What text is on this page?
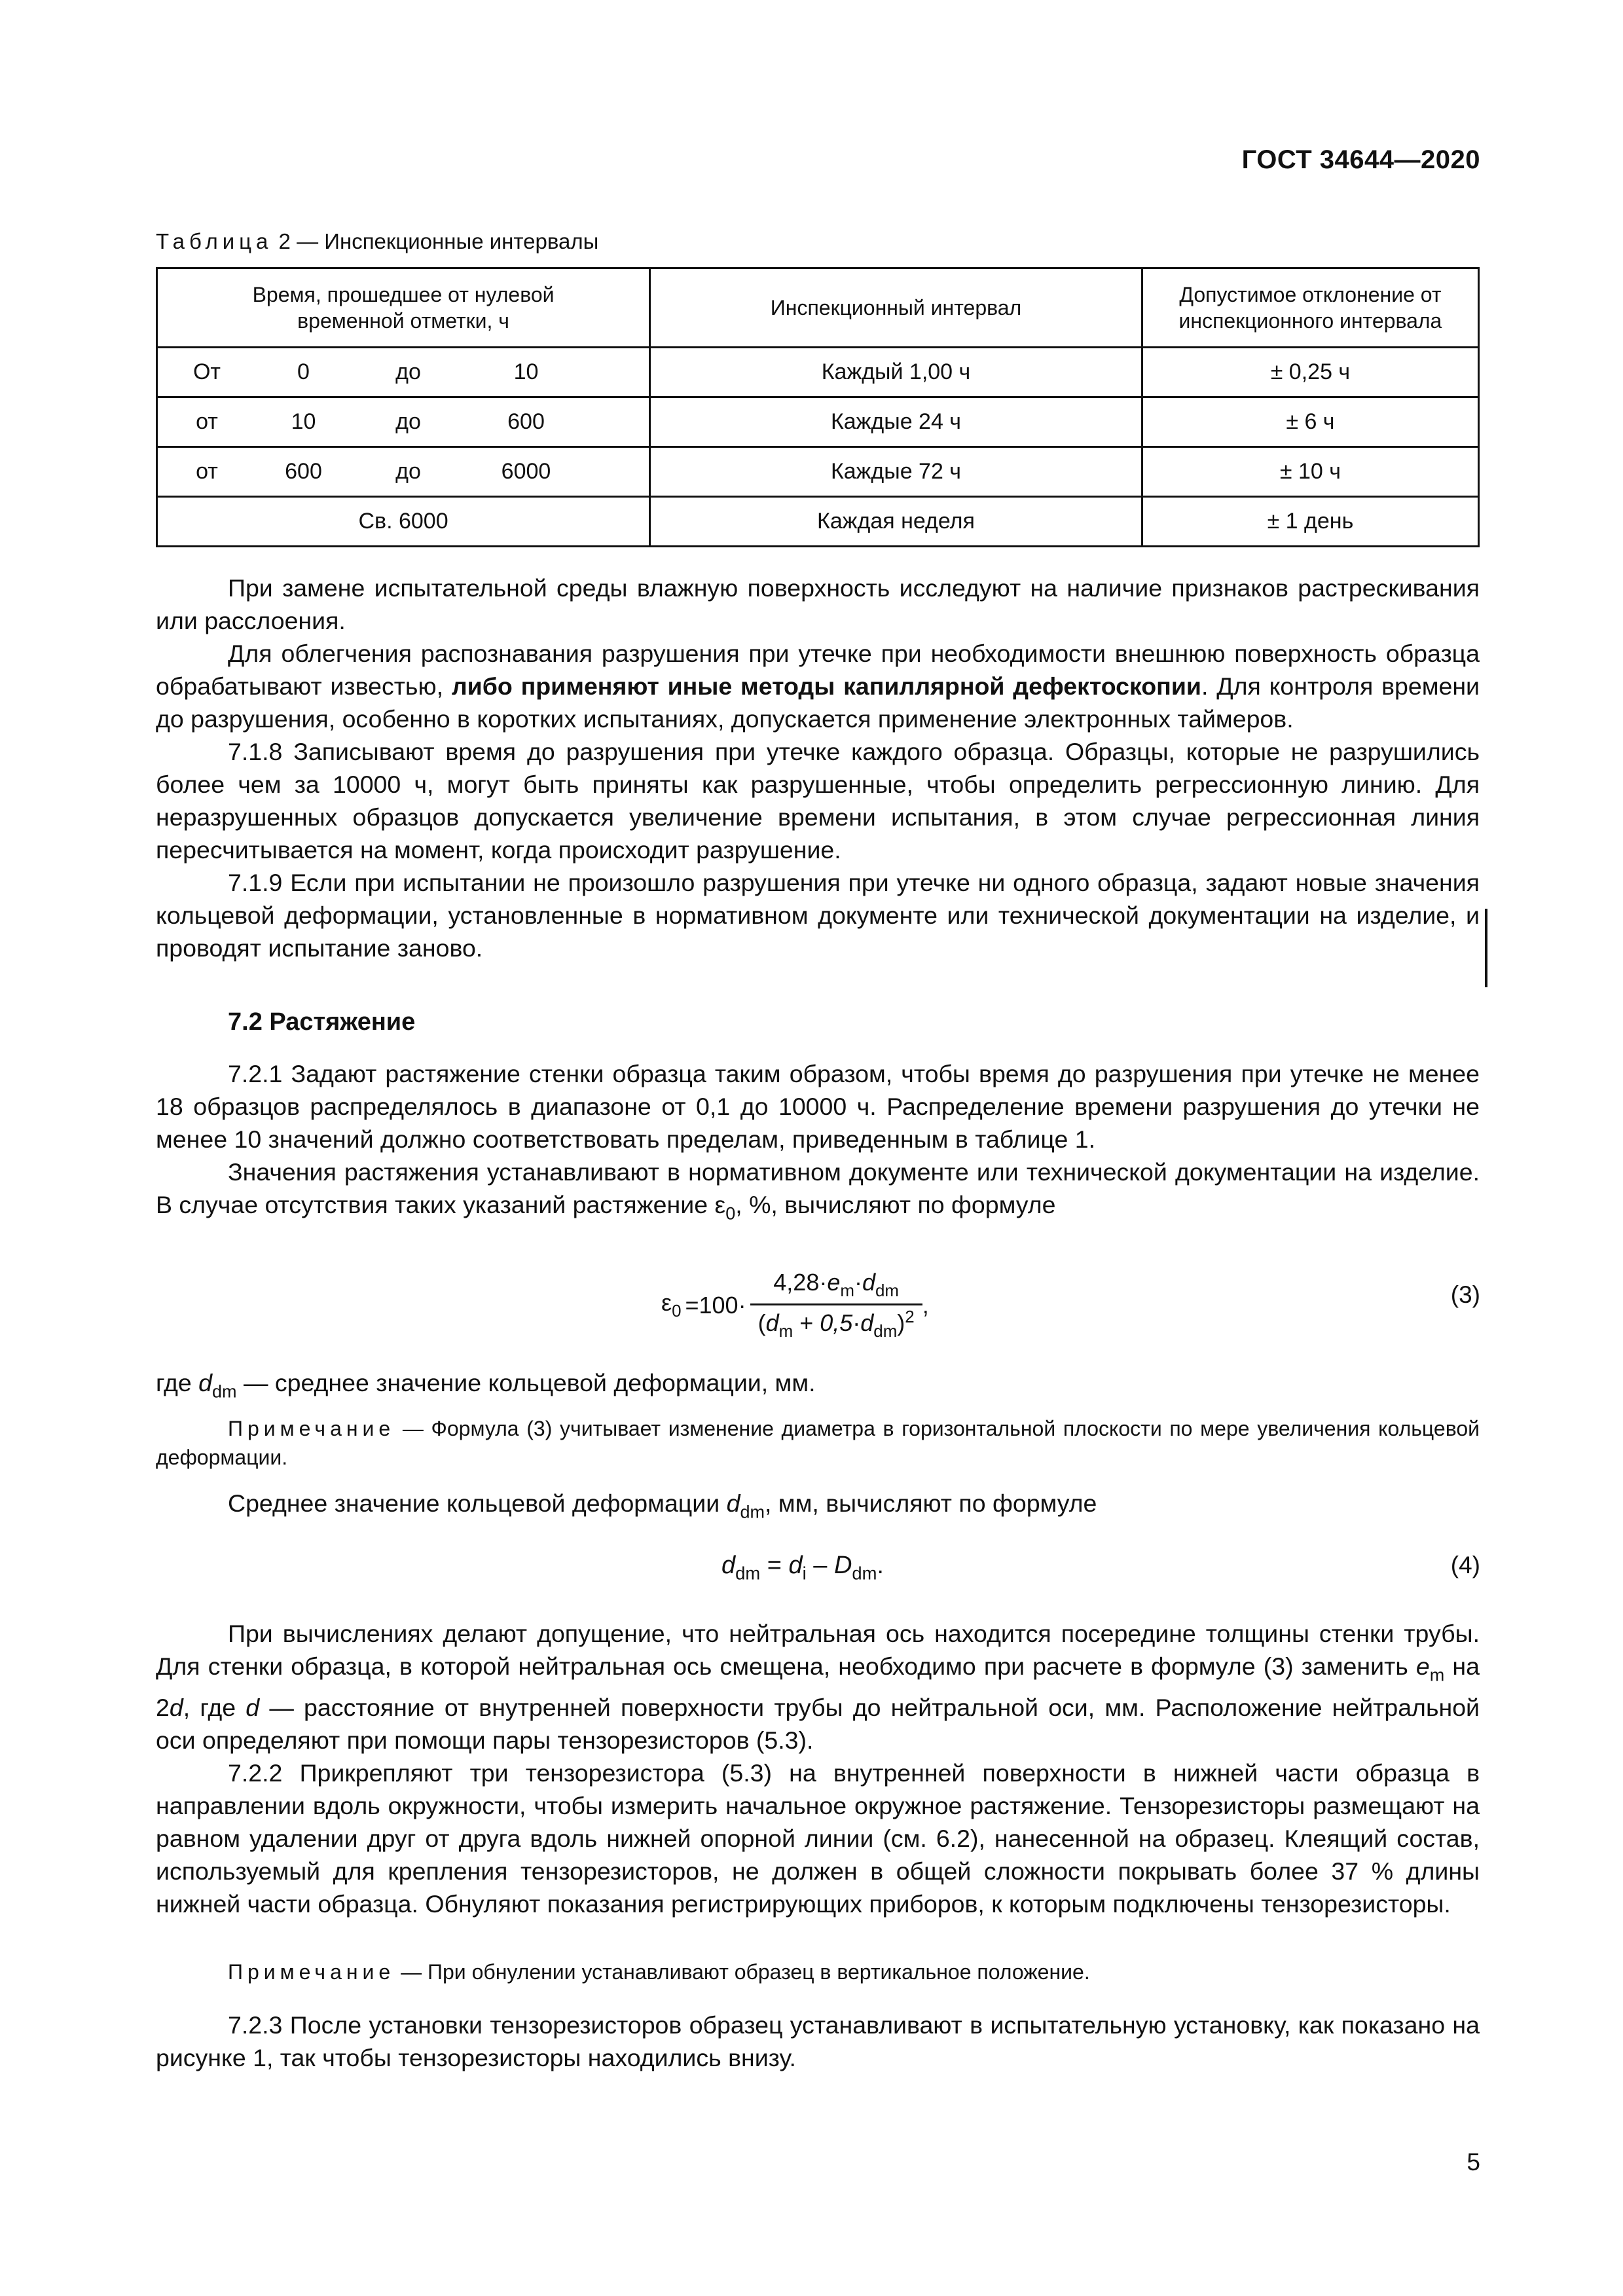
ГОСТ 34644—2020
Таблица 2 — Инспекционные интервалы
Время, прошедшее от нулевой временной отметки, ч	Инспекционный интервал	Допустимое отклонение от инспекционного интервала

От 0 до 10	Каждый 1,00 ч	± 0,25 ч

от 10 до 600	Каждые 24 ч	± 6 ч

от 600 до 6000	Каждые 72 ч	± 10 ч
Св. 6000	Каждая неделя	± 1 день

При замене испытательной среды влажную поверхность исследуют на наличие признаков растрескивания или расслоения.

Для облегчения распознавания разрушения при утечке при необходимости внешнюю поверхность образца обрабатывают известью, либо применяют иные методы капиллярной дефектоскопии. Для контроля времени до разрушения, особенно в коротких испытаниях, допускается применение электронных таймеров.

7.1.8 Записывают время до разрушения при утечке каждого образца. Образцы, которые не разрушились более чем за 10000 ч, могут быть приняты как разрушенные, чтобы определить регрессионную линию. Для неразрушенных образцов допускается увеличение времени испытания, в этом случае регрессионная линия пересчитывается на момент, когда происходит разрушение.

7.1.9 Если при испытании не произошло разрушения при утечке ни одного образца, задают новые значения кольцевой деформации, установленные в нормативном документе или технической документации на изделие, и проводят испытание заново.

7.2 Растяжение

7.2.1 Задают растяжение стенки образца таким образом, чтобы время до разрушения при утечке не менее 18 образцов распределялось в диапазоне от 0,1 до 10000 ч. Распределение времени разрушения до утечки не менее 10 значений должно соответствовать пределам, приведенным в таблице 1.

Значения растяжения устанавливают в нормативном документе или технической документации на изделие. В случае отсутствия таких указаний растяжение $\varepsilon_0$, %, вычисляют по формуле

$\varepsilon_0 =100\cdot$
$4,28\cdot e_m\cdot d_{dm}$
$(d_m + 0,5\cdot d_{dm})^2$ ,	(3)

где $d_{dm}$ — среднее значение кольцевой деформации, мм.

Примечание — Формула (3) учитывает изменение диаметра в горизонтальной плоскости по мере увеличения кольцевой деформации.

Среднее значение кольцевой деформации $d_{dm}$, мм, вычисляют по формуле

$d_{dm} = d_i - D_{dm}$.	(4)

При вычислениях делают допущение, что нейтральная ось находится посередине толщины стенки трубы. Для стенки образца, в которой нейтральная ось смещена, необходимо при расчете в формуле (3) заменить $e_m$ на 2d, где d — расстояние от внутренней поверхности трубы до нейтральной оси, мм. Расположение нейтральной оси определяют при помощи пары тензорезисторов (5.3).

7.2.2 Прикрепляют три тензорезистора (5.3) на внутренней поверхности в нижней части образца в направлении вдоль окружности, чтобы измерить начальное окружное растяжение. Тензорезисторы размещают на равном удалении друг от друга вдоль нижней опорной линии (см. 6.2), нанесенной на образец. Клеящий состав, используемый для крепления тензорезисторов, не должен в общей сложности покрывать более 37 % длины нижней части образца. Обнуляют показания регистрирующих приборов, к которым подключены тензорезисторы.

Примечание — При обнулении устанавливают образец в вертикальное положение.

7.2.3 После установки тензорезисторов образец устанавливают в испытательную установку, как показано на рисунке 1, так чтобы тензорезисторы находились внизу.

5
